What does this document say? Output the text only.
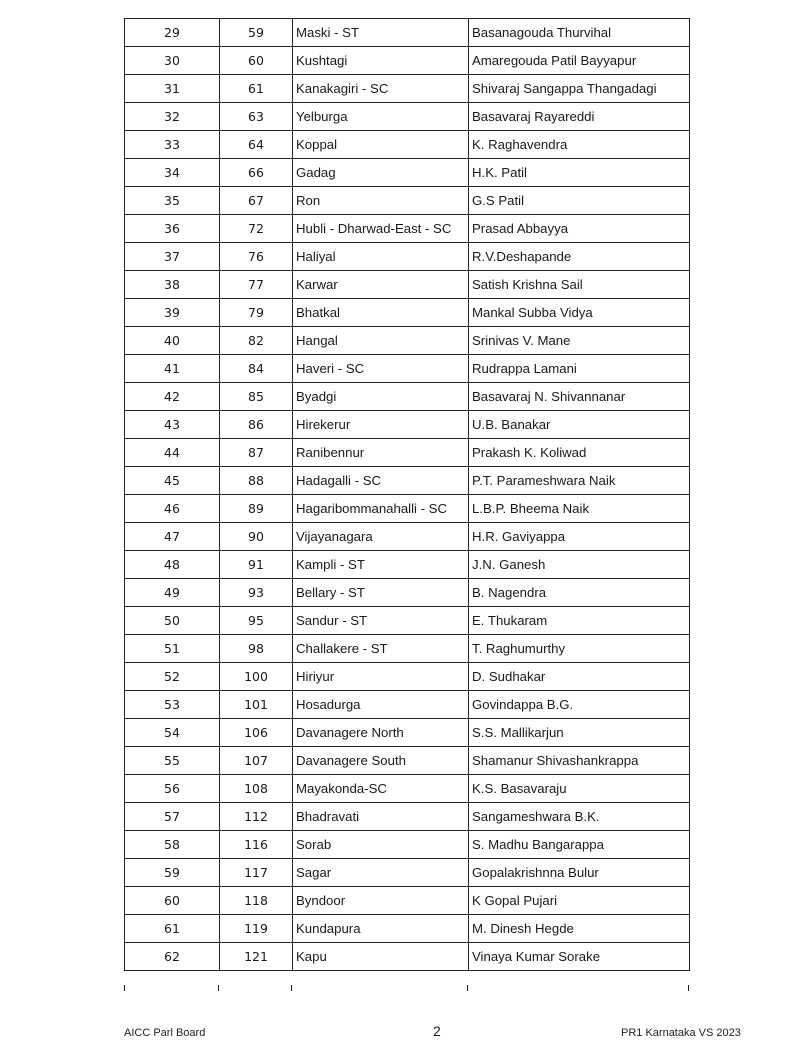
29	59	Maski - ST	Basanagouda Thurvihal
30	60	Kushtagi	Amaregouda Patil Bayyapur
31	61	Kanakagiri - SC	Shivaraj Sangappa Thangadagi
32	63	Yelburga	Basavaraj Rayareddi
33	64	Koppal	K. Raghavendra
34	66	Gadag	H.K. Patil
35	67	Ron	G.S Patil
36	72	Hubli - Dharwad-East - SC	Prasad Abbayya
37	76	Haliyal	R.V.Deshapande
38	77	Karwar	Satish Krishna Sail
39	79	Bhatkal	Mankal Subba Vidya
40	82	Hangal	Srinivas V. Mane
41	84	Haveri - SC	Rudrappa Lamani
42	85	Byadgi	Basavaraj N. Shivannanar
43	86	Hirekerur	U.B. Banakar
44	87	Ranibennur	Prakash K. Koliwad
45	88	Hadagalli - SC	P.T. Parameshwara Naik
46	89	Hagaribommanahalli - SC	L.B.P. Bheema Naik
47	90	Vijayanagara	H.R. Gaviyappa
48	91	Kampli - ST	J.N. Ganesh
49	93	Bellary - ST	B. Nagendra
50	95	Sandur - ST	E. Thukaram
51	98	Challakere - ST	T. Raghumurthy
52	100	Hiriyur	D. Sudhakar
53	101	Hosadurga	Govindappa B.G.
54	106	Davanagere North	S.S. Mallikarjun
55	107	Davanagere South	Shamanur Shivashankrappa
56	108	Mayakonda-SC	K.S. Basavaraju
57	112	Bhadravati	Sangameshwara B.K.
58	116	Sorab	S. Madhu Bangarappa
59	117	Sagar	Gopalakrishnna Bulur
60	118	Byndoor	K Gopal Pujari
61	119	Kundapura	M. Dinesh Hegde
62	121	Kapu	Vinaya Kumar Sorake
AICC Parl Board	2	PR1 Karnataka VS 2023
